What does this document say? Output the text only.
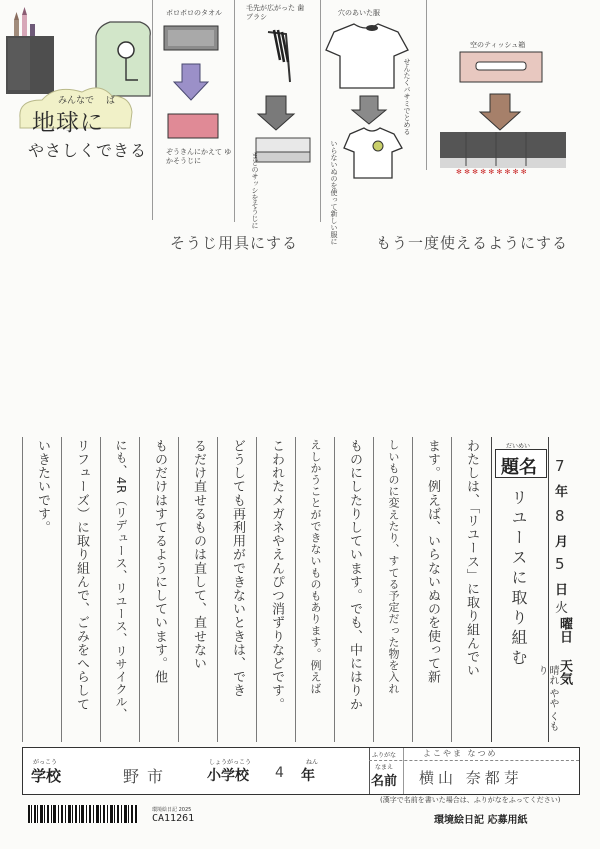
みんなで ば
地球に
やさしくできる
ボロボロのタオル
ぞうきんにかえて ゆかそうじに
毛先が広がった 歯ブラシ
まどのサッシをそうじに
穴のあいた服
せんたくバサミでとめる
いらないぬのを使って新しい服に
空のティッシュ箱
✻ ✻ ✻ ✻ ✻ ✻ ✻ ✻ ✻
そうじ用具にする	もう一度使えるようにする
わたしは、「リユース」に取り組んでい
ます。例えば、いらないぬのを使って新
しいものに変えたり、すてる予定だった物を入れ
ものにしたりしています。でも、中にはりか
えしかうことができないものもあります。例えば
こわれたメガネやえんぴつ消ずりなどです。
どうしても再利用ができないときは、でき
るだけ直せるものは直して、直せない
ものだけはすてるようにしています。他
にも、4R（リデュース、リユース、リサイクル、
リフューズ）に取り組んで、ごみをへらして
いきたいです。	だいめい
題名
リユースに取り組む
7
年
8
月
5
日
火
曜日
天気
晴れ やや くもり
がっこう
学校	野市
しょうがっこう
小学校 4
ねん
年
ふりがな
なまえ
名前
よこやま なつめ
横山 奈都芽
(漢字で名前を書いた場合は、ふりがなをふってください)
環境絵日記 応募用紙
環境絵日記 2025
CA11261
